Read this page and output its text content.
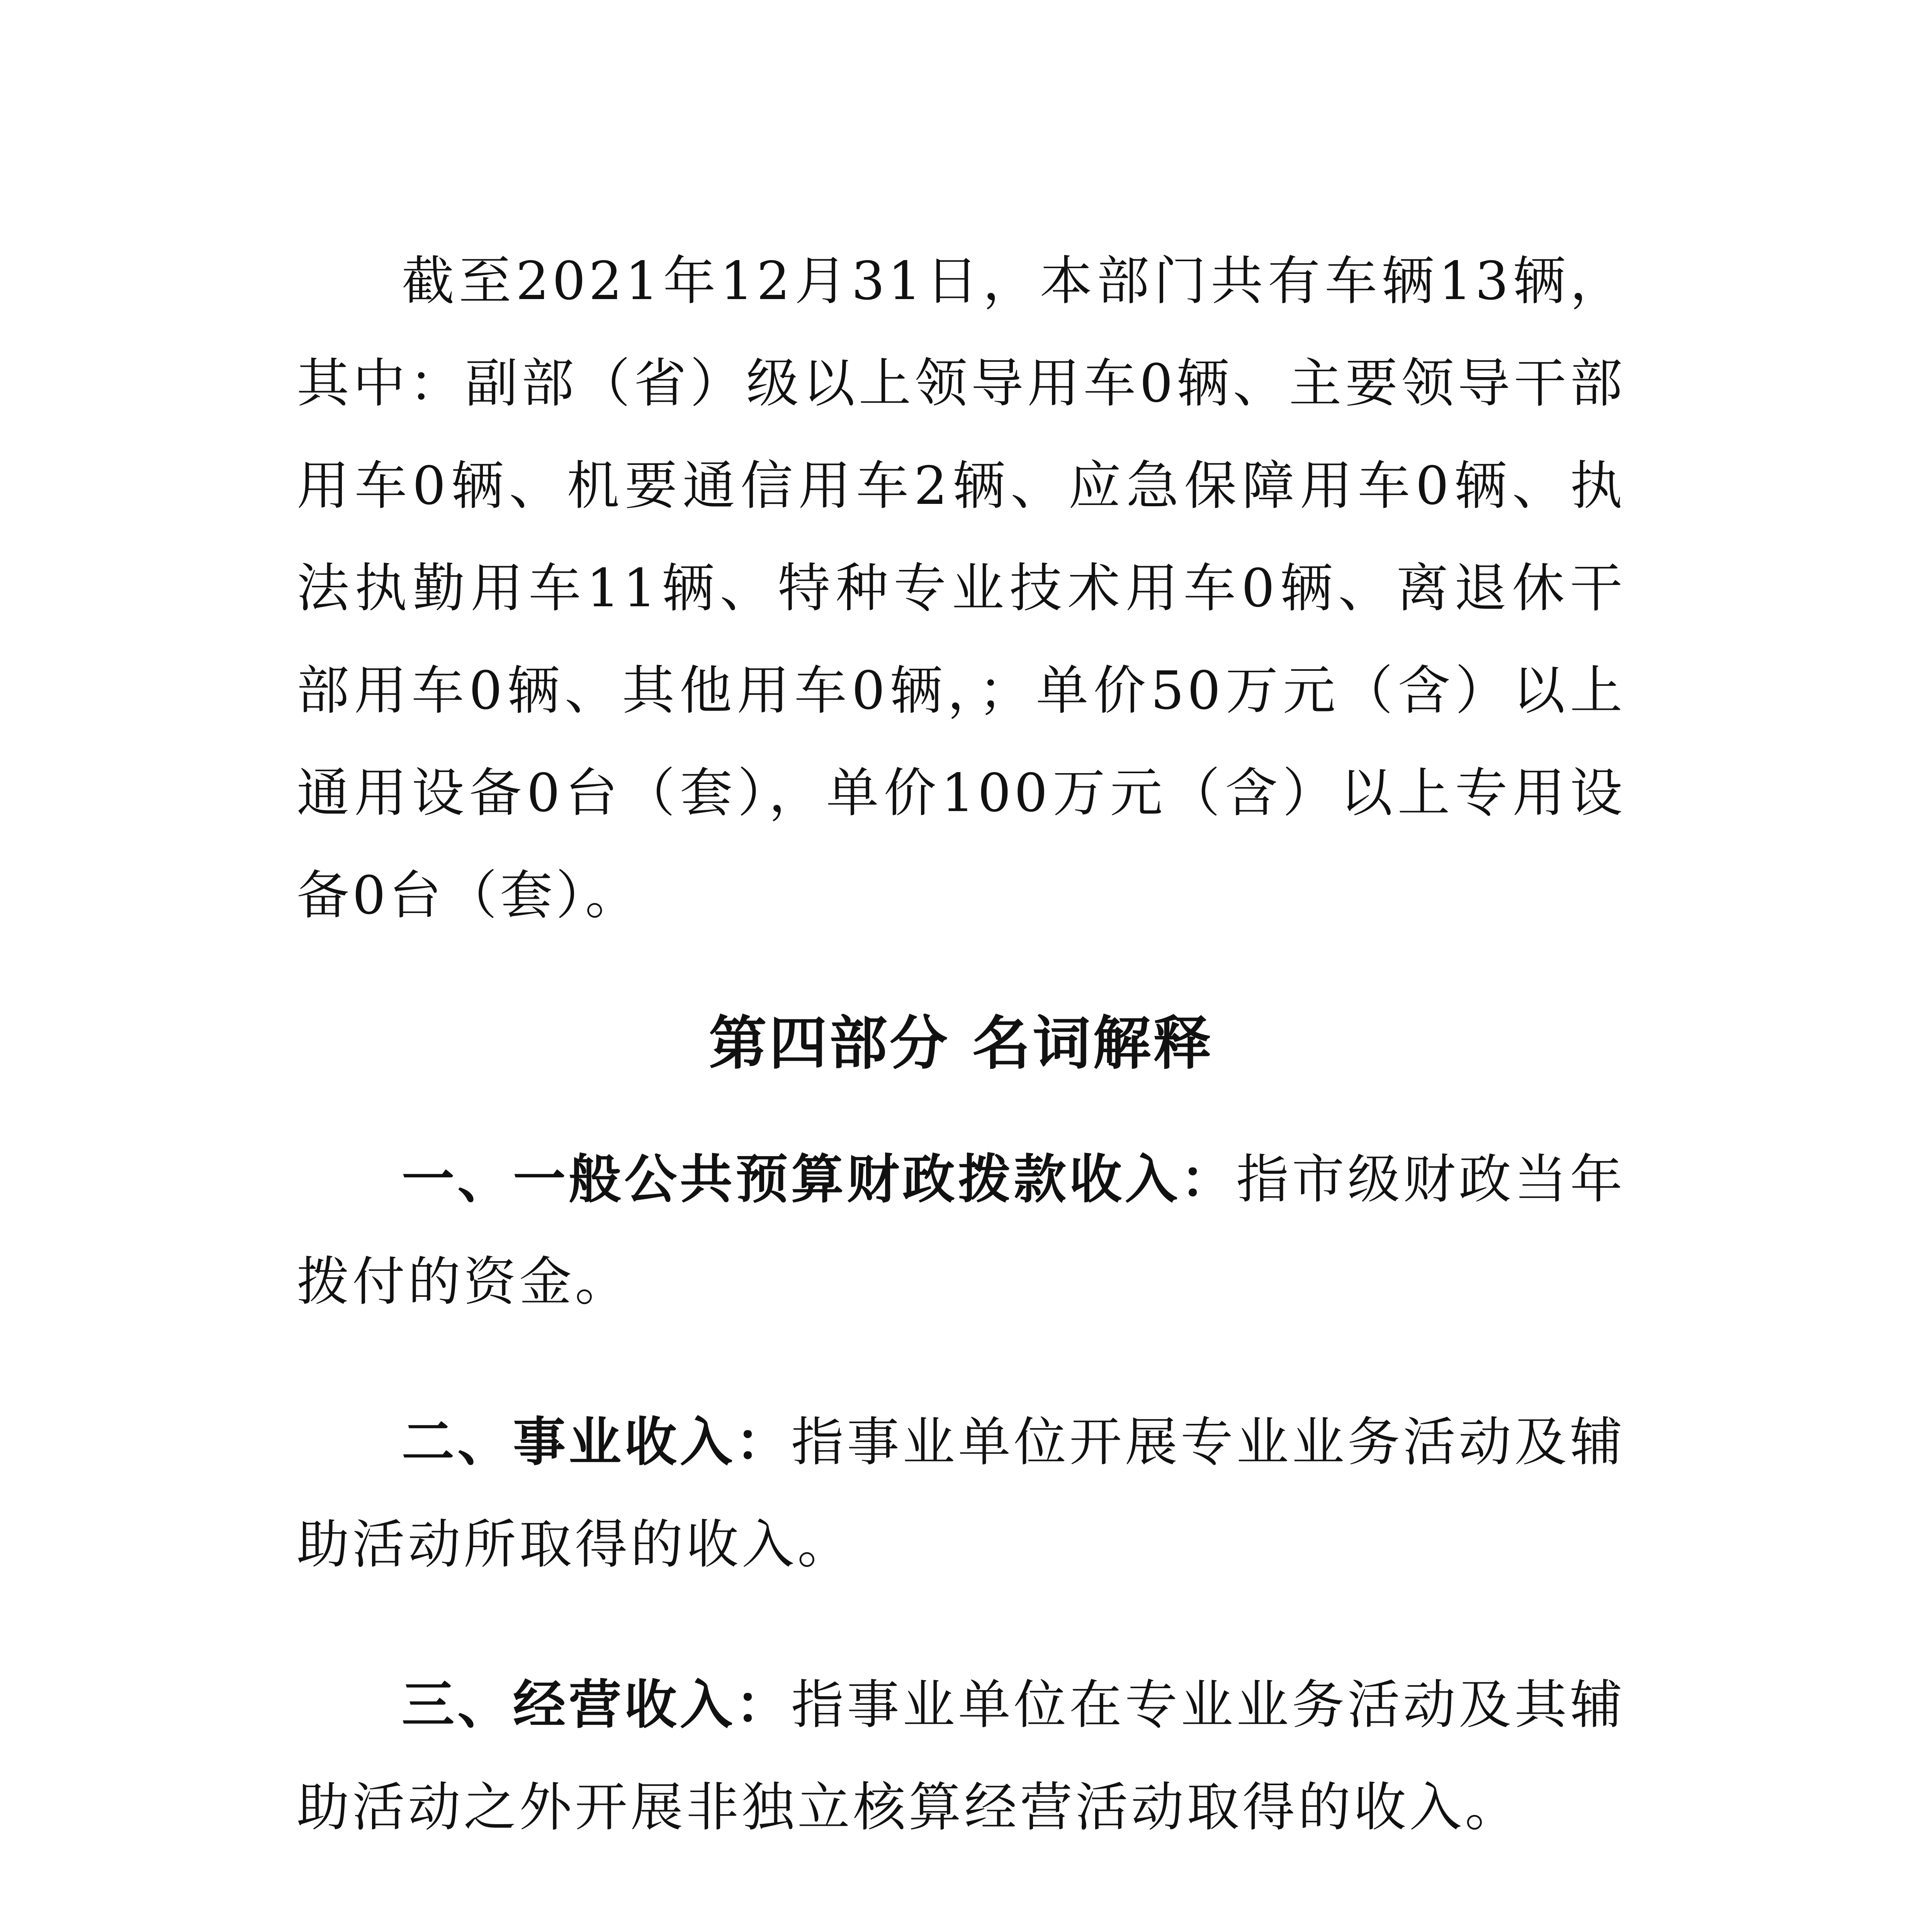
截至2021年12月31日，本部门共有车辆13辆，其中：副部（省）级以上领导用车0辆、主要领导干部用车0辆、机要通信用车2辆、应急保障用车0辆、执法执勤用车11辆、特种专业技术用车0辆、离退休干部用车0辆、其他用车0辆，；单价50万元（含）以上通用设备0台（套），单价100万元（含）以上专用设备0台（套）。

第四部分 名词解释

一、一般公共预算财政拨款收入：指市级财政当年拨付的资金。

二、事业收入：指事业单位开展专业业务活动及辅助活动所取得的收入。

三、经营收入：指事业单位在专业业务活动及其辅助活动之外开展非独立核算经营活动取得的收入。
